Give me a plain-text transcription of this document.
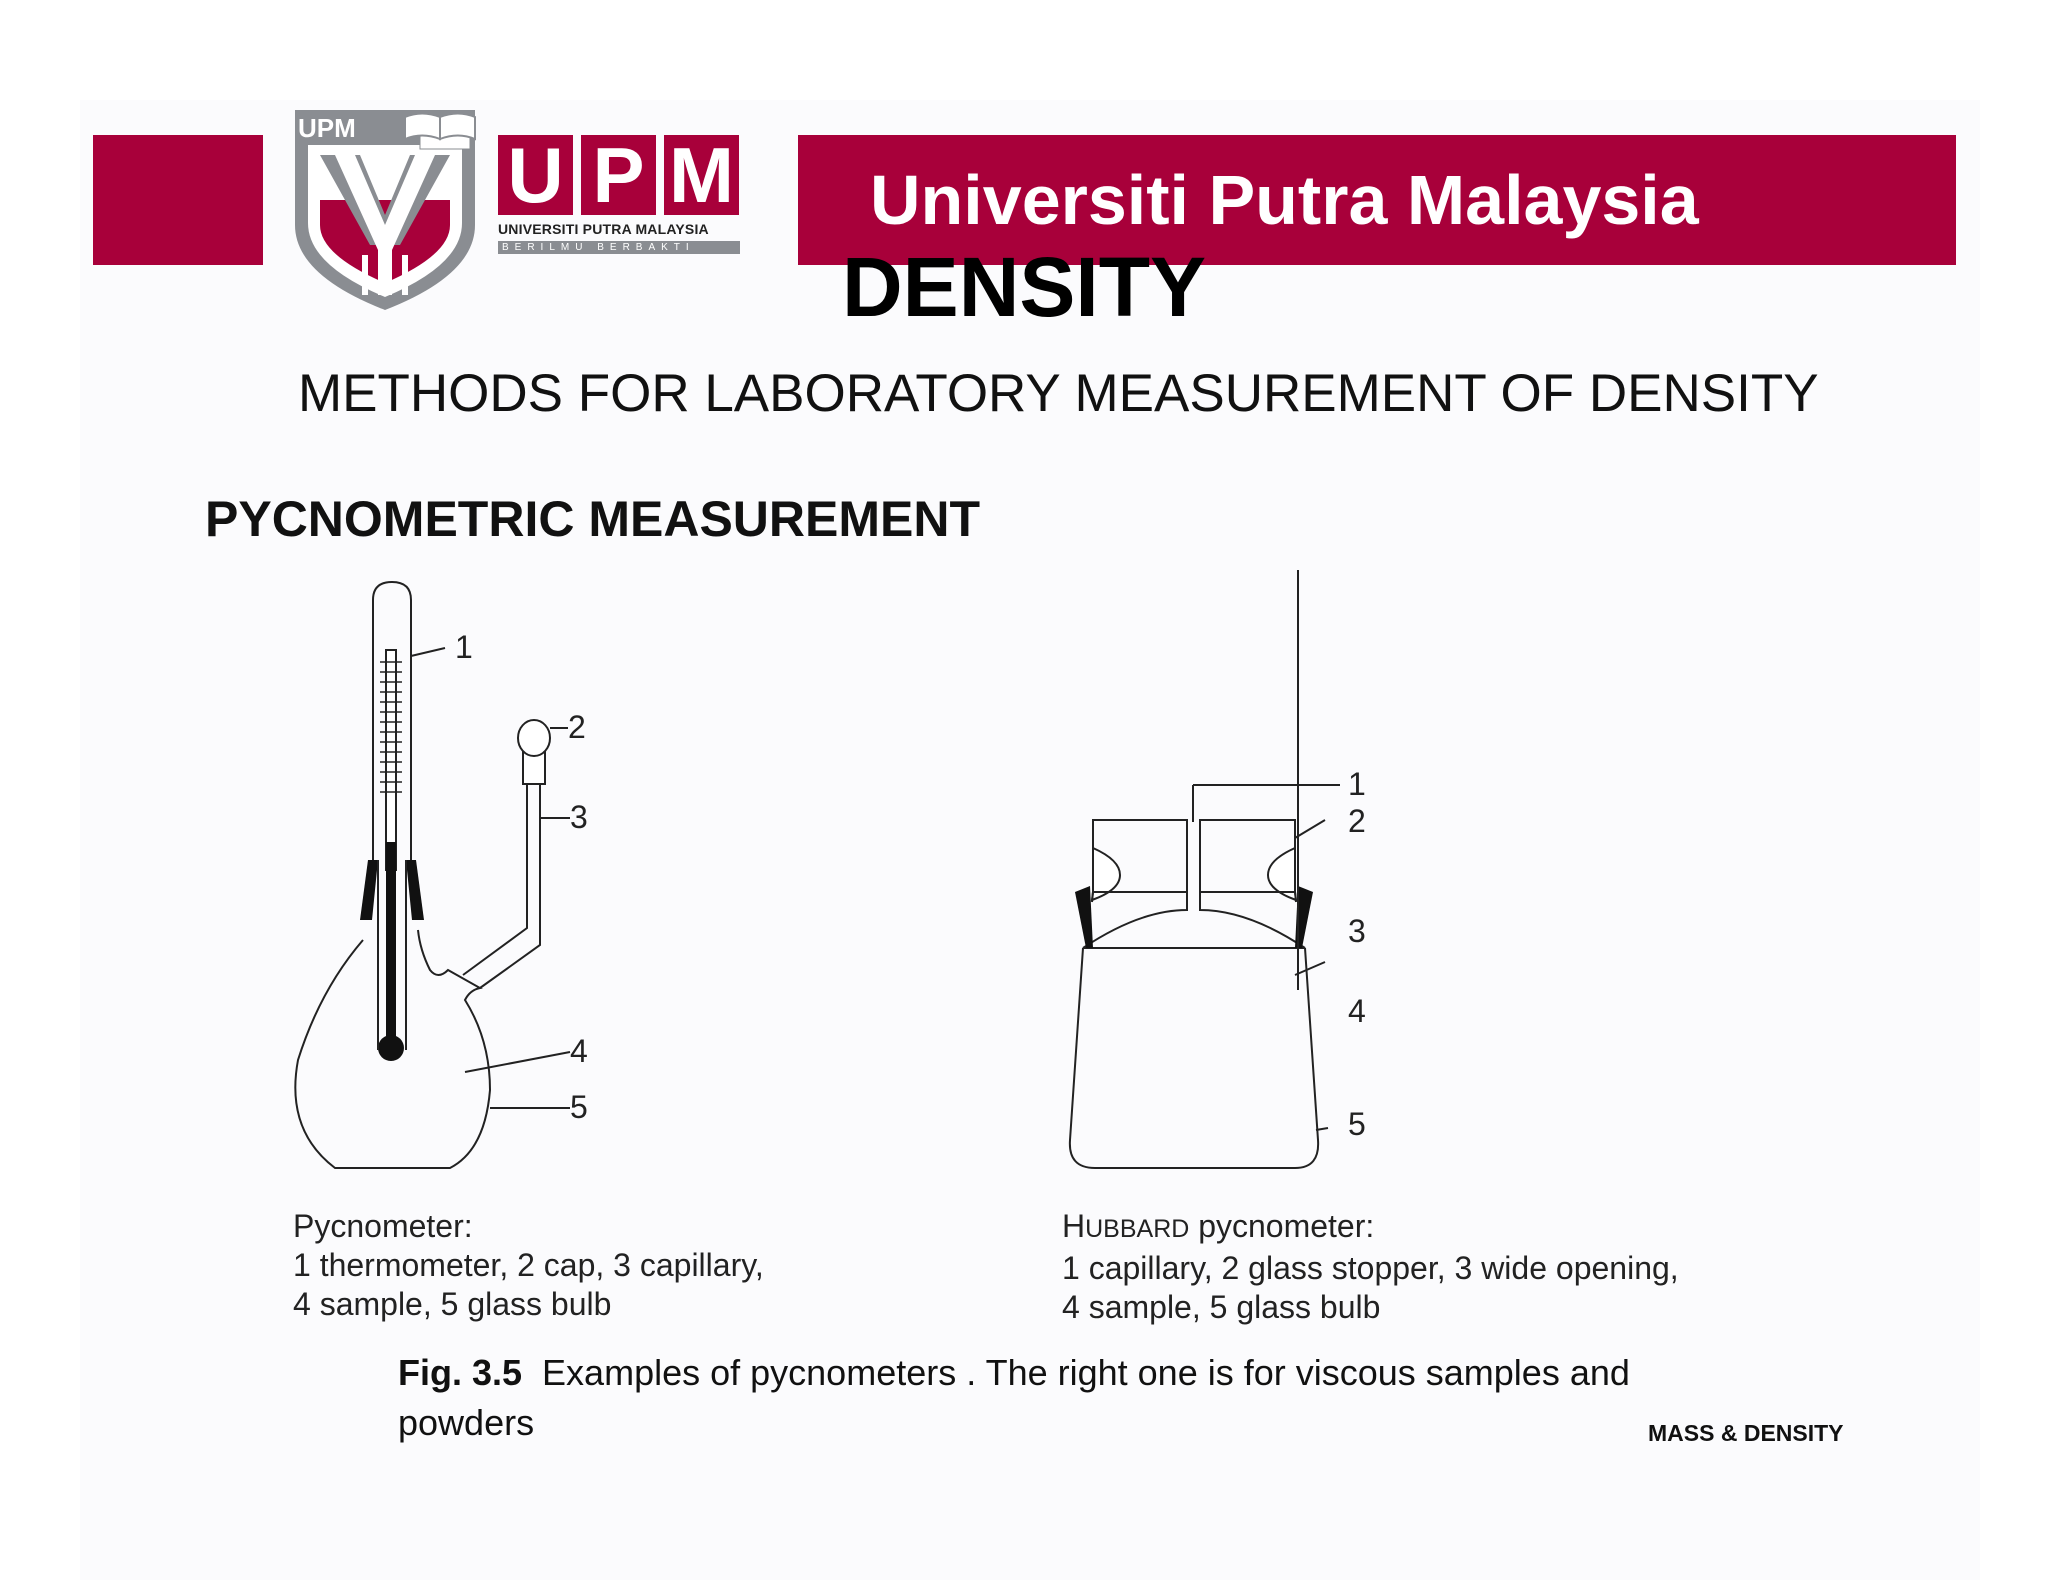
UPM
U P M
UNIVERSITI PUTRA MALAYSIA
BERILMU BERBAKTI
Universiti Putra Malaysia
DENSITY
METHODS FOR LABORATORY MEASUREMENT OF DENSITY
PYCNOMETRIC MEASUREMENT
1
2
3
4
5
1
2
3
4
5
Pycnometer:
1 thermometer, 2 cap, 3 capillary,
4 sample, 5 glass bulb
HUBBARD pycnometer:
1 capillary, 2 glass stopper, 3 wide opening,
4 sample, 5 glass bulb
Fig. 3.5 Examples of pycnometers . The right one is for viscous samples and powders	MASS & DENSITY
